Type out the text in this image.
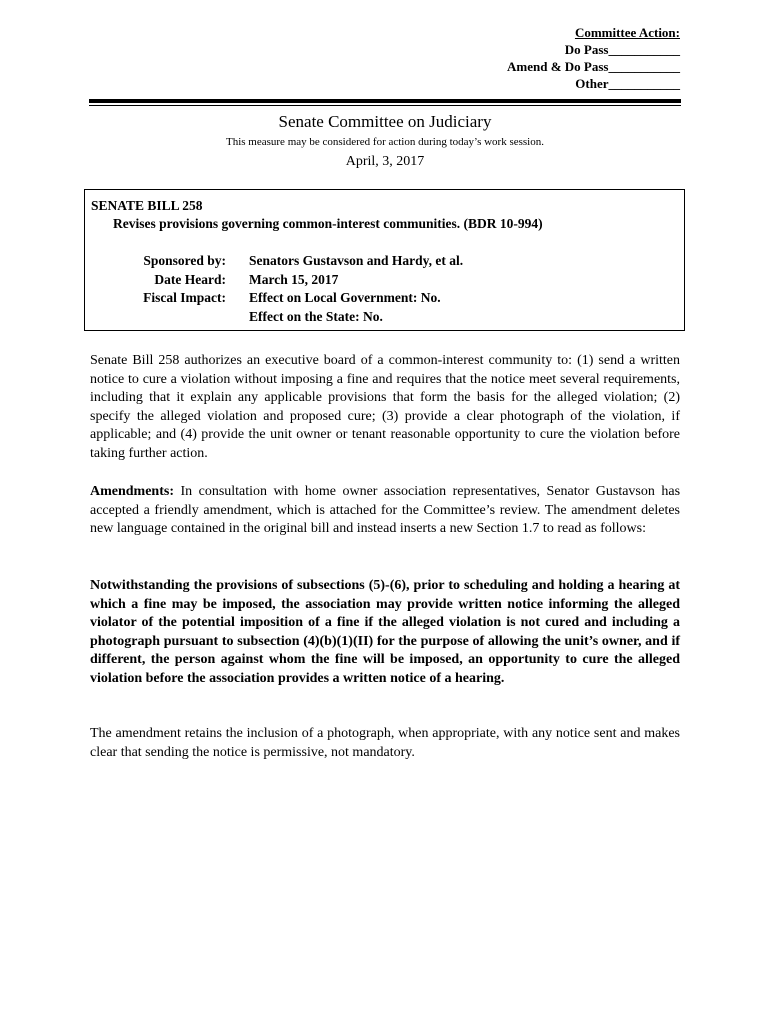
Committee Action:
Do Pass___________
Amend & Do Pass___________
Other___________
Senate Committee on Judiciary
This measure may be considered for action during today’s work session.
April, 3, 2017
SENATE BILL 258
Revises provisions governing common-interest communities. (BDR 10-994)
Sponsored by: Senators Gustavson and Hardy, et al.
Date Heard: March 15, 2017
Fiscal Impact: Effect on Local Government: No.
Effect on the State: No.
Senate Bill 258 authorizes an executive board of a common-interest community to: (1) send a written notice to cure a violation without imposing a fine and requires that the notice meet several requirements, including that it explain any applicable provisions that form the basis for the alleged violation; (2) specify the alleged violation and proposed cure; (3) provide a clear photograph of the violation, if applicable; and (4) provide the unit owner or tenant reasonable opportunity to cure the violation before taking further action.
Amendments: In consultation with home owner association representatives, Senator Gustavson has accepted a friendly amendment, which is attached for the Committee’s review. The amendment deletes new language contained in the original bill and instead inserts a new Section 1.7 to read as follows:
Notwithstanding the provisions of subsections (5)-(6), prior to scheduling and holding a hearing at which a fine may be imposed, the association may provide written notice informing the alleged violator of the potential imposition of a fine if the alleged violation is not cured and including a photograph pursuant to subsection (4)(b)(1)(II) for the purpose of allowing the unit’s owner, and if different, the person against whom the fine will be imposed, an opportunity to cure the alleged violation before the association provides a written notice of a hearing.
The amendment retains the inclusion of a photograph, when appropriate, with any notice sent and makes clear that sending the notice is permissive, not mandatory.
